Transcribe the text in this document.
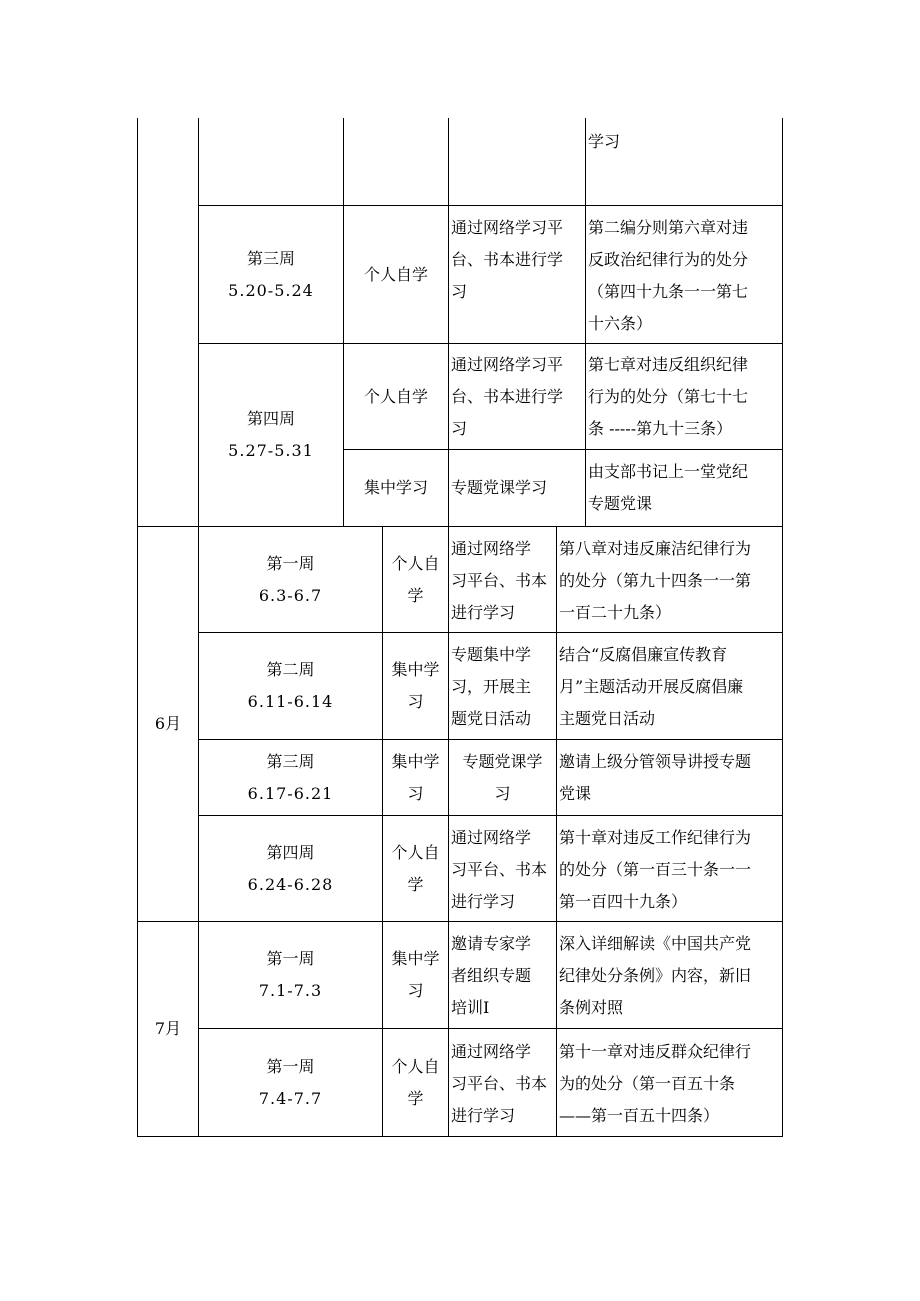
学习
第三周
5.20-5.24
个人自学
通过网络学习平
台、书本进行学
习
第二编分则第六章对违
反政治纪律行为的处分
（第四十九条一一第七
十六条）
第四周
5.27-5.31
个人自学
通过网络学习平
台、书本进行学
习
第七章对违反组织纪律
行为的处分（第七十七
条 -----第九十三条）
集中学习	专题党课学习
由支部书记上一堂党纪
专题党课
6月
第一周
6.3-6.7
个人自
学
通过网络学
习平台、书本
进行学习
第八章对违反廉洁纪律行为
的处分（第九十四条一一第
一百二十九条）
第二周
6.11-6.14
集中学
习
专题集中学
习，开展主
题党日活动
结合“反腐倡廉宣传教育
月”主题活动开展反腐倡廉
主题党日活动
第三周
6.17-6.21
集中学
习
专题党课学
习
邀请上级分管领导讲授专题
党课
第四周
6.24-6.28
个人自
学
通过网络学
习平台、书本
进行学习
第十章对违反工作纪律行为
的处分（第一百三十条一一
第一百四十九条）
7月
第一周
7.1-7.3
集中学
习
邀请专家学
者组织专题
培训I
深入详细解读《中国共产党
纪律处分条例》内容，新旧
条例对照
第一周
7.4-7.7
个人自
学
通过网络学
习平台、书本
进行学习
第十一章对违反群众纪律行
为的处分（第一百五十条
——第一百五十四条）
